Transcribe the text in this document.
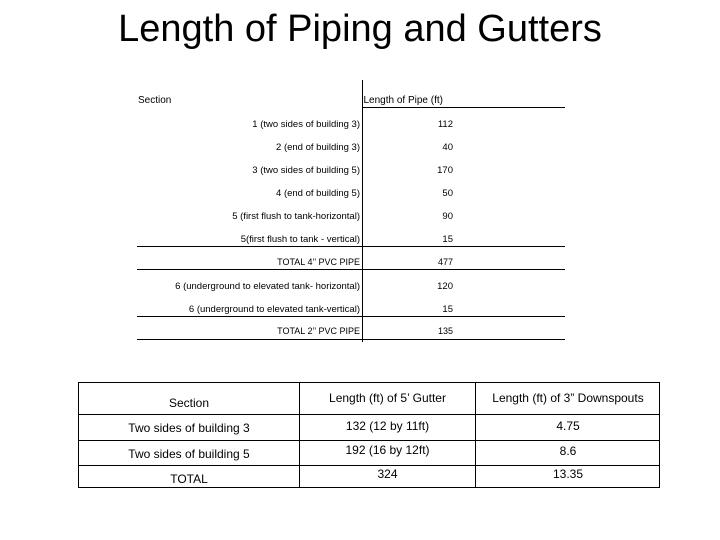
Length of Piping and Gutters
Section	Length of Pipe (ft)
1 (two sides of building 3)	112
2 (end of building 3)	40
3 (two sides of building 5)	170
4 (end of building 5)	50
5 (first flush to tank-horizontal)	90
5(first flush to tank - vertical)	15
TOTAL 4’’ PVC PIPE	477
6 (underground to elevated tank- horizontal)	120
6 (underground to elevated tank-vertical)	15
TOTAL 2’’ PVC PIPE	135
Section	Length (ft) of 5’ Gutter	Length (ft) of 3” Downspouts
Two sides of building 3	132 (12 by 11ft)	4.75
Two sides of building 5	192 (16 by 12ft)	8.6
TOTAL	324	13.35
